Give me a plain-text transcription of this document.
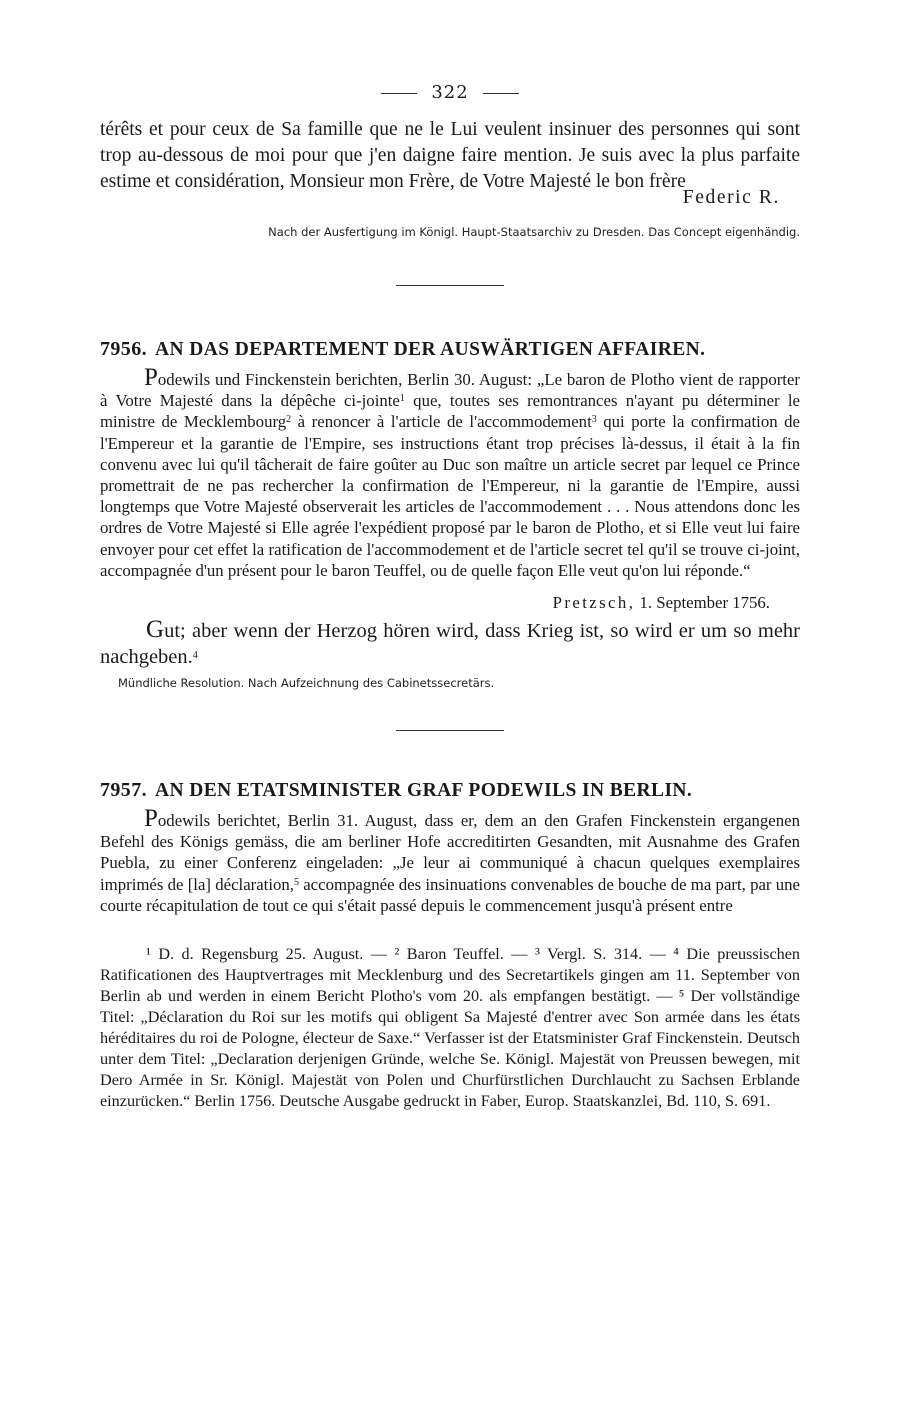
322

térêts et pour ceux de Sa famille que ne le Lui veulent insinuer des personnes qui sont trop au-dessous de moi pour que j'en daigne faire mention. Je suis avec la plus parfaite estime et considération, Monsieur mon Frère, de Votre Majesté le bon frère

Federic R.

Nach der Ausfertigung im Königl. Haupt-Staatsarchiv zu Dresden. Das Concept eigenhändig.

7956. AN DAS DEPARTEMENT DER AUSWÄRTIGEN AFFAIREN.

Podewils und Finckenstein berichten, Berlin 30. August: „Le baron de Plotho vient de rapporter à Votre Majesté dans la dépêche ci-jointe$^1$ que, toutes ses remontrances n'ayant pu déterminer le ministre de Mecklembourg$^2$ à renoncer à l'article de l'accommodement$^3$ qui porte la confirmation de l'Empereur et la garantie de l'Empire, ses instructions étant trop précises là-dessus, il était à la fin convenu avec lui qu'il tâcherait de faire goûter au Duc son maître un article secret par lequel ce Prince promettrait de ne pas rechercher la confirmation de l'Empereur, ni la garantie de l'Empire, aussi longtemps que Votre Majesté observerait les articles de l'accommodement . . . Nous attendons donc les ordres de Votre Majesté si Elle agrée l'expédient proposé par le baron de Plotho, et si Elle veut lui faire envoyer pour cet effet la ratification de l'accommodement et de l'article secret tel qu'il se trouve ci-joint, accompagnée d'un présent pour le baron Teuffel, ou de quelle façon Elle veut qu'on lui réponde.“

Pretzsch, 1. September 1756.

Gut; aber wenn der Herzog hören wird, dass Krieg ist, so wird er um so mehr nachgeben.$^4$

Mündliche Resolution. Nach Aufzeichnung des Cabinetssecretärs.

7957. AN DEN ETATSMINISTER GRAF PODEWILS IN BERLIN.

Podewils berichtet, Berlin 31. August, dass er, dem an den Grafen Finckenstein ergangenen Befehl des Königs gemäss, die am berliner Hofe accreditirten Gesandten, mit Ausnahme des Grafen Puebla, zu einer Conferenz eingeladen: „Je leur ai communiqué à chacun quelques exemplaires imprimés de [la] déclaration,$^5$ accompagnée des insinuations convenables de bouche de ma part, par une courte récapitulation de tout ce qui s'était passé depuis le commencement jusqu'à présent entre

¹ D. d. Regensburg 25. August. — ² Baron Teuffel. — ³ Vergl. S. 314. — ⁴ Die preussischen Ratificationen des Hauptvertrages mit Mecklenburg und des Secretartikels gingen am 11. September von Berlin ab und werden in einem Bericht Plotho's vom 20. als empfangen bestätigt. — ⁵ Der vollständige Titel: „Déclaration du Roi sur les motifs qui obligent Sa Majesté d'entrer avec Son armée dans les états héréditaires du roi de Pologne, électeur de Saxe.“ Verfasser ist der Etatsminister Graf Finckenstein. Deutsch unter dem Titel: „Declaration derjenigen Gründe, welche Se. Königl. Majestät von Preussen bewegen, mit Dero Armée in Sr. Königl. Majestät von Polen und Churfürstlichen Durchlaucht zu Sachsen Erblande einzurücken.“ Berlin 1756. Deutsche Ausgabe gedruckt in Faber, Europ. Staatskanzlei, Bd. 110, S. 691.
